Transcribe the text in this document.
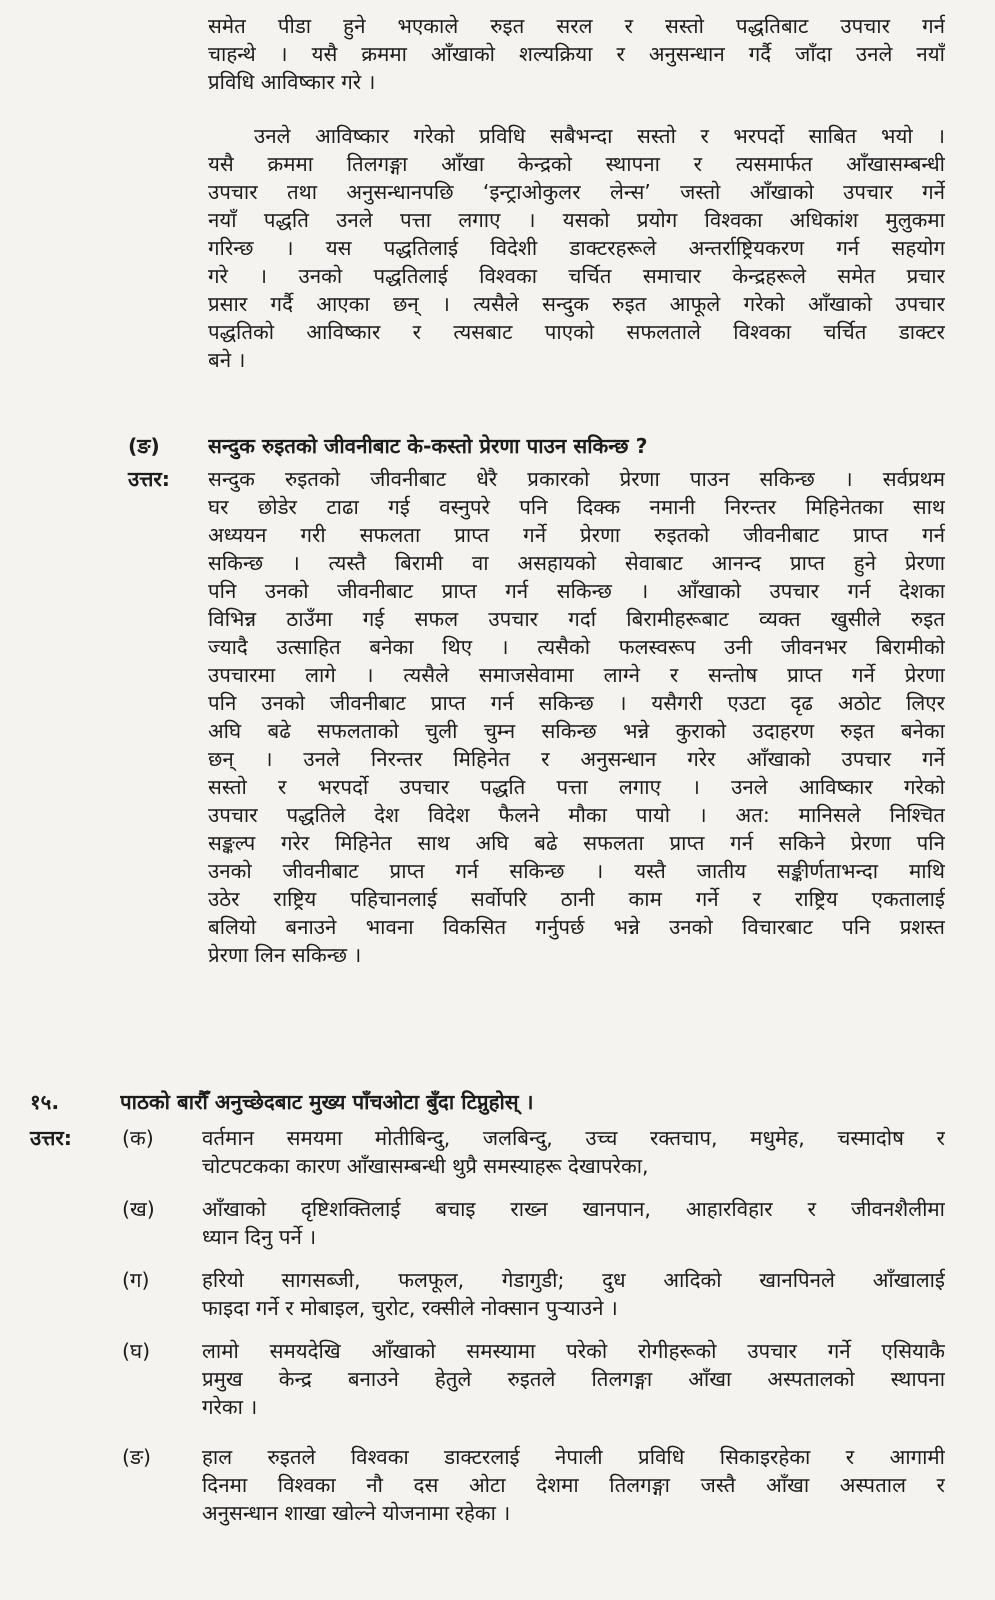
समेत पीडा हुने भएकाले रुइत सरल र सस्तो पद्धतिबाट उपचार गर्न
चाहन्थे । यसै क्रममा आँखाको शल्यक्रिया र अनुसन्धान गर्दै जाँदा उनले नयाँ
प्रविधि आविष्कार गरे ।
उनले आविष्कार गरेको प्रविधि सबैभन्दा सस्तो र भरपर्दो साबित भयो ।
यसै क्रममा तिलगङ्गा आँखा केन्द्रको स्थापना र त्यसमार्फत आँखासम्बन्धी
उपचार तथा अनुसन्धानपछि ‘इन्ट्राओकुलर लेन्स’ जस्तो आँखाको उपचार गर्ने
नयाँ पद्धति उनले पत्ता लगाए । यसको प्रयोग विश्वका अधिकांश मुलुकमा
गरिन्छ । यस पद्धतिलाई विदेशी डाक्टरहरूले अन्तर्राष्ट्रियकरण गर्न सहयोग
गरे । उनको पद्धतिलाई विश्वका चर्चित समाचार केन्द्रहरूले समेत प्रचार
प्रसार गर्दै आएका छन् । त्यसैले सन्दुक रुइत आफूले गरेको आँखाको उपचार
पद्धतिको आविष्कार र त्यसबाट पाएको सफलताले विश्वका चर्चित डाक्टर
बने ।
(ङ) सन्दुक रुइतको जीवनीबाट के-कस्तो प्रेरणा पाउन सकिन्छ ?
उत्तर: सन्दुक रुइतको जीवनीबाट धेरै प्रकारको प्रेरणा पाउन सकिन्छ । सर्वप्रथम
घर छोडेर टाढा गई वस्नुपरे पनि दिक्क नमानी निरन्तर मिहिनेतका साथ
अध्ययन गरी सफलता प्राप्त गर्ने प्रेरणा रुइतको जीवनीबाट प्राप्त गर्न
सकिन्छ । त्यस्तै बिरामी वा असहायको सेवाबाट आनन्द प्राप्त हुने प्रेरणा
पनि उनको जीवनीबाट प्राप्त गर्न सकिन्छ । आँखाको उपचार गर्न देशका
विभिन्न ठाउँमा गई सफल उपचार गर्दा बिरामीहरूबाट व्यक्त खुसीले रुइत
ज्यादै उत्साहित बनेका थिए । त्यसैको फलस्वरूप उनी जीवनभर बिरामीको
उपचारमा लागे । त्यसैले समाजसेवामा लाग्ने र सन्तोष प्राप्त गर्ने प्रेरणा
पनि उनको जीवनीबाट प्राप्त गर्न सकिन्छ । यसैगरी एउटा दृढ अठोट लिएर
अघि बढे सफलताको चुली चुम्न सकिन्छ भन्ने कुराको उदाहरण रुइत बनेका
छन् । उनले निरन्तर मिहिनेत र अनुसन्धान गरेर आँखाको उपचार गर्ने
सस्तो र भरपर्दो उपचार पद्धति पत्ता लगाए । उनले आविष्कार गरेको
उपचार पद्धतिले देश विदेश फैलने मौका पायो । अत: मानिसले निश्चित
सङ्कल्प गरेर मिहिनेत साथ अघि बढे सफलता प्राप्त गर्न सकिने प्रेरणा पनि
उनको जीवनीबाट प्राप्त गर्न सकिन्छ । यस्तै जातीय सङ्कीर्णताभन्दा माथि
उठेर राष्ट्रिय पहिचानलाई सर्वोपरि ठानी काम गर्ने र राष्ट्रिय एकतालाई
बलियो बनाउने भावना विकसित गर्नुपर्छ भन्ने उनको विचारबाट पनि प्रशस्त
प्रेरणा लिन सकिन्छ ।
१५.	पाठको बारौँ अनुच्छेदबाट मुख्य पाँचओटा बुँदा टिप्नुहोस् ।
उत्तर: (क) वर्तमान समयमा मोतीबिन्दु, जलबिन्दु, उच्च रक्तचाप, मधुमेह, चस्मादोष र
चोटपटकका कारण आँखासम्बन्धी थुप्रै समस्याहरू देखापरेका,
(ख) आँखाको दृष्टिशक्तिलाई बचाइ राख्न खानपान, आहारविहार र जीवनशैलीमा
ध्यान दिनु पर्ने ।
(ग)	हरियो सागसब्जी, फलफूल, गेडागुडी; दुध आदिको खानपिनले आँखालाई
फाइदा गर्ने र मोबाइल, चुरोट, रक्सीले नोक्सान पुऱ्याउने ।
(घ)	लामो समयदेखि आँखाको समस्यामा परेको रोगीहरूको उपचार गर्ने एसियाकै
प्रमुख केन्द्र बनाउने हेतुले रुइतले तिलगङ्गा आँखा अस्पतालको स्थापना
गरेका ।
(ङ) हाल रुइतले विश्वका डाक्टरलाई नेपाली प्रविधि सिकाइरहेका र आगामी
दिनमा विश्वका नौ दस ओटा देशमा तिलगङ्गा जस्तै आँखा अस्पताल र
अनुसन्धान शाखा खोल्ने योजनामा रहेका ।
